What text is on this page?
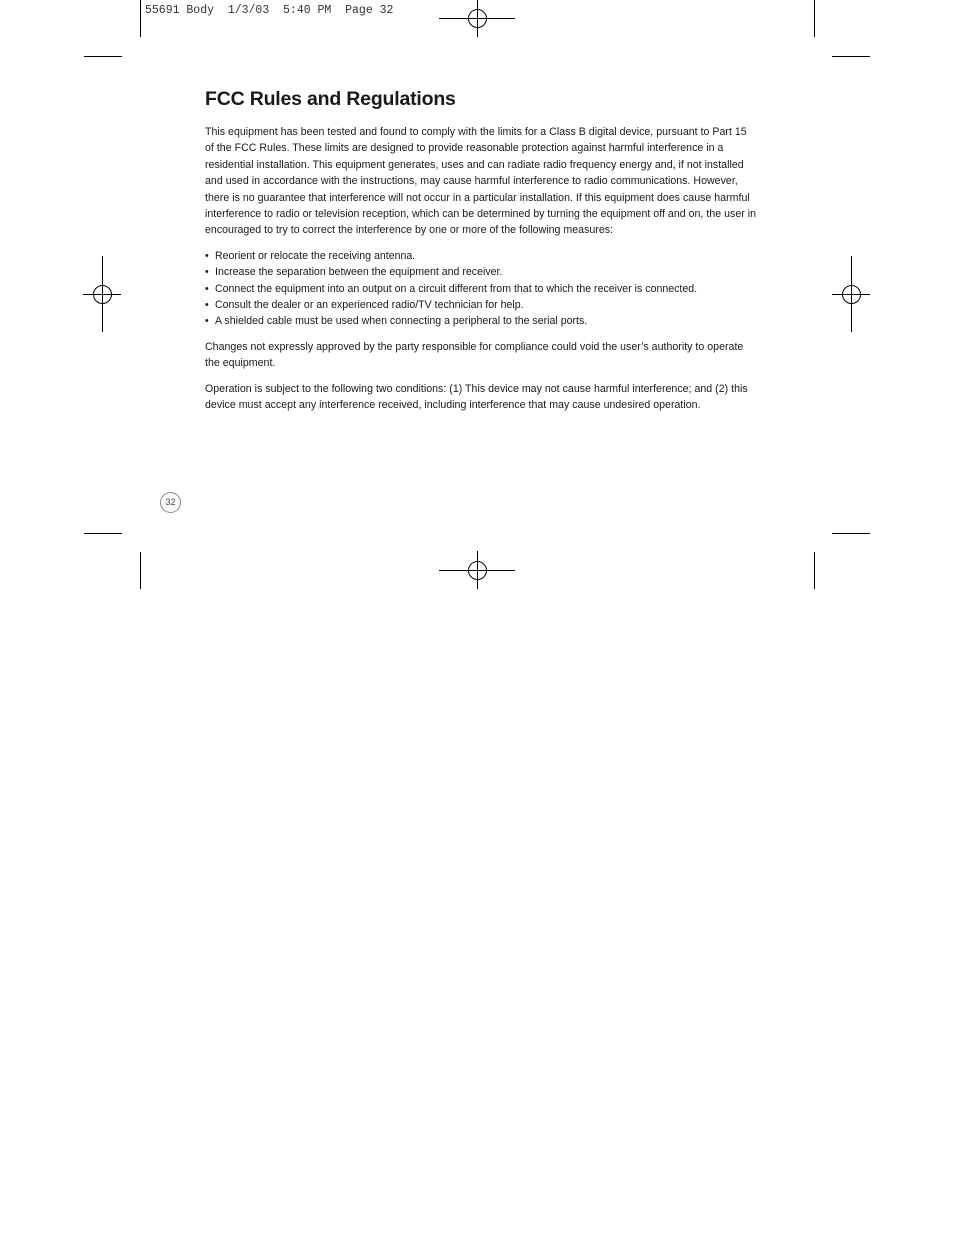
55691 Body  1/3/03  5:40 PM  Page 32
FCC Rules and Regulations

This equipment has been tested and found to comply with the limits for a Class B digital device, pursuant to Part 15 of the FCC Rules. These limits are designed to provide reasonable protection against harmful interference in a residential installation. This equipment generates, uses and can radiate radio frequency energy and, if not installed and used in accordance with the instructions, may cause harmful interference to radio communications. However, there is no guarantee that interference will not occur in a particular installation. If this equipment does cause harmful interference to radio or television reception, which can be determined by turning the equipment off and on, the user in encouraged to try to correct the interference by one or more of the following measures:

• Reorient or relocate the receiving antenna.
• Increase the separation between the equipment and receiver.
• Connect the equipment into an output on a circuit different from that to which the receiver is connected.
• Consult the dealer or an experienced radio/TV technician for help.
• A shielded cable must be used when connecting a peripheral to the serial ports.

Changes not expressly approved by the party responsible for compliance could void the user’s authority to operate the equipment.

Operation is subject to the following two conditions: (1) This device may not cause harmful interference; and (2) this device must accept any interference received, including interference that may cause undesired operation.

32
